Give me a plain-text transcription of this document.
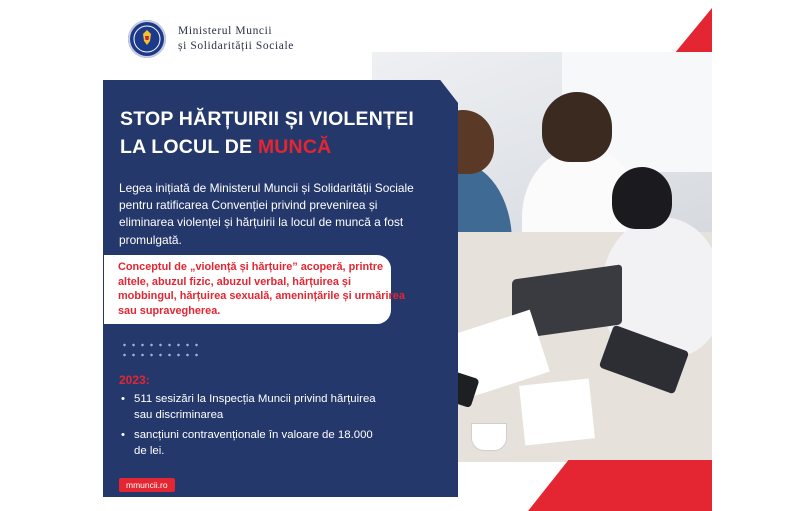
Ministerul Muncii
și Solidarității Sociale
STOP HĂRȚUIRII ȘI VIOLENȚEI
LA LOCUL DE MUNCĂ
Legea inițiată de Ministerul Muncii și Solidarității Sociale pentru ratificarea Convenției privind prevenirea și eliminarea violenței și hărțuirii la locul de muncă a fost promulgată.
Conceptul de „violență și hărțuire” acoperă, printre altele, abuzul fizic, abuzul verbal, hărțuirea și mobbingul, hărțuirea sexuală, amenințările și urmărirea sau supravegherea.
2023:
• 511 sesizări la Inspecția Muncii privind hărțuirea sau discriminarea
• sancțiuni contravenționale în valoare de 18.000 de lei.
mmuncii.ro
